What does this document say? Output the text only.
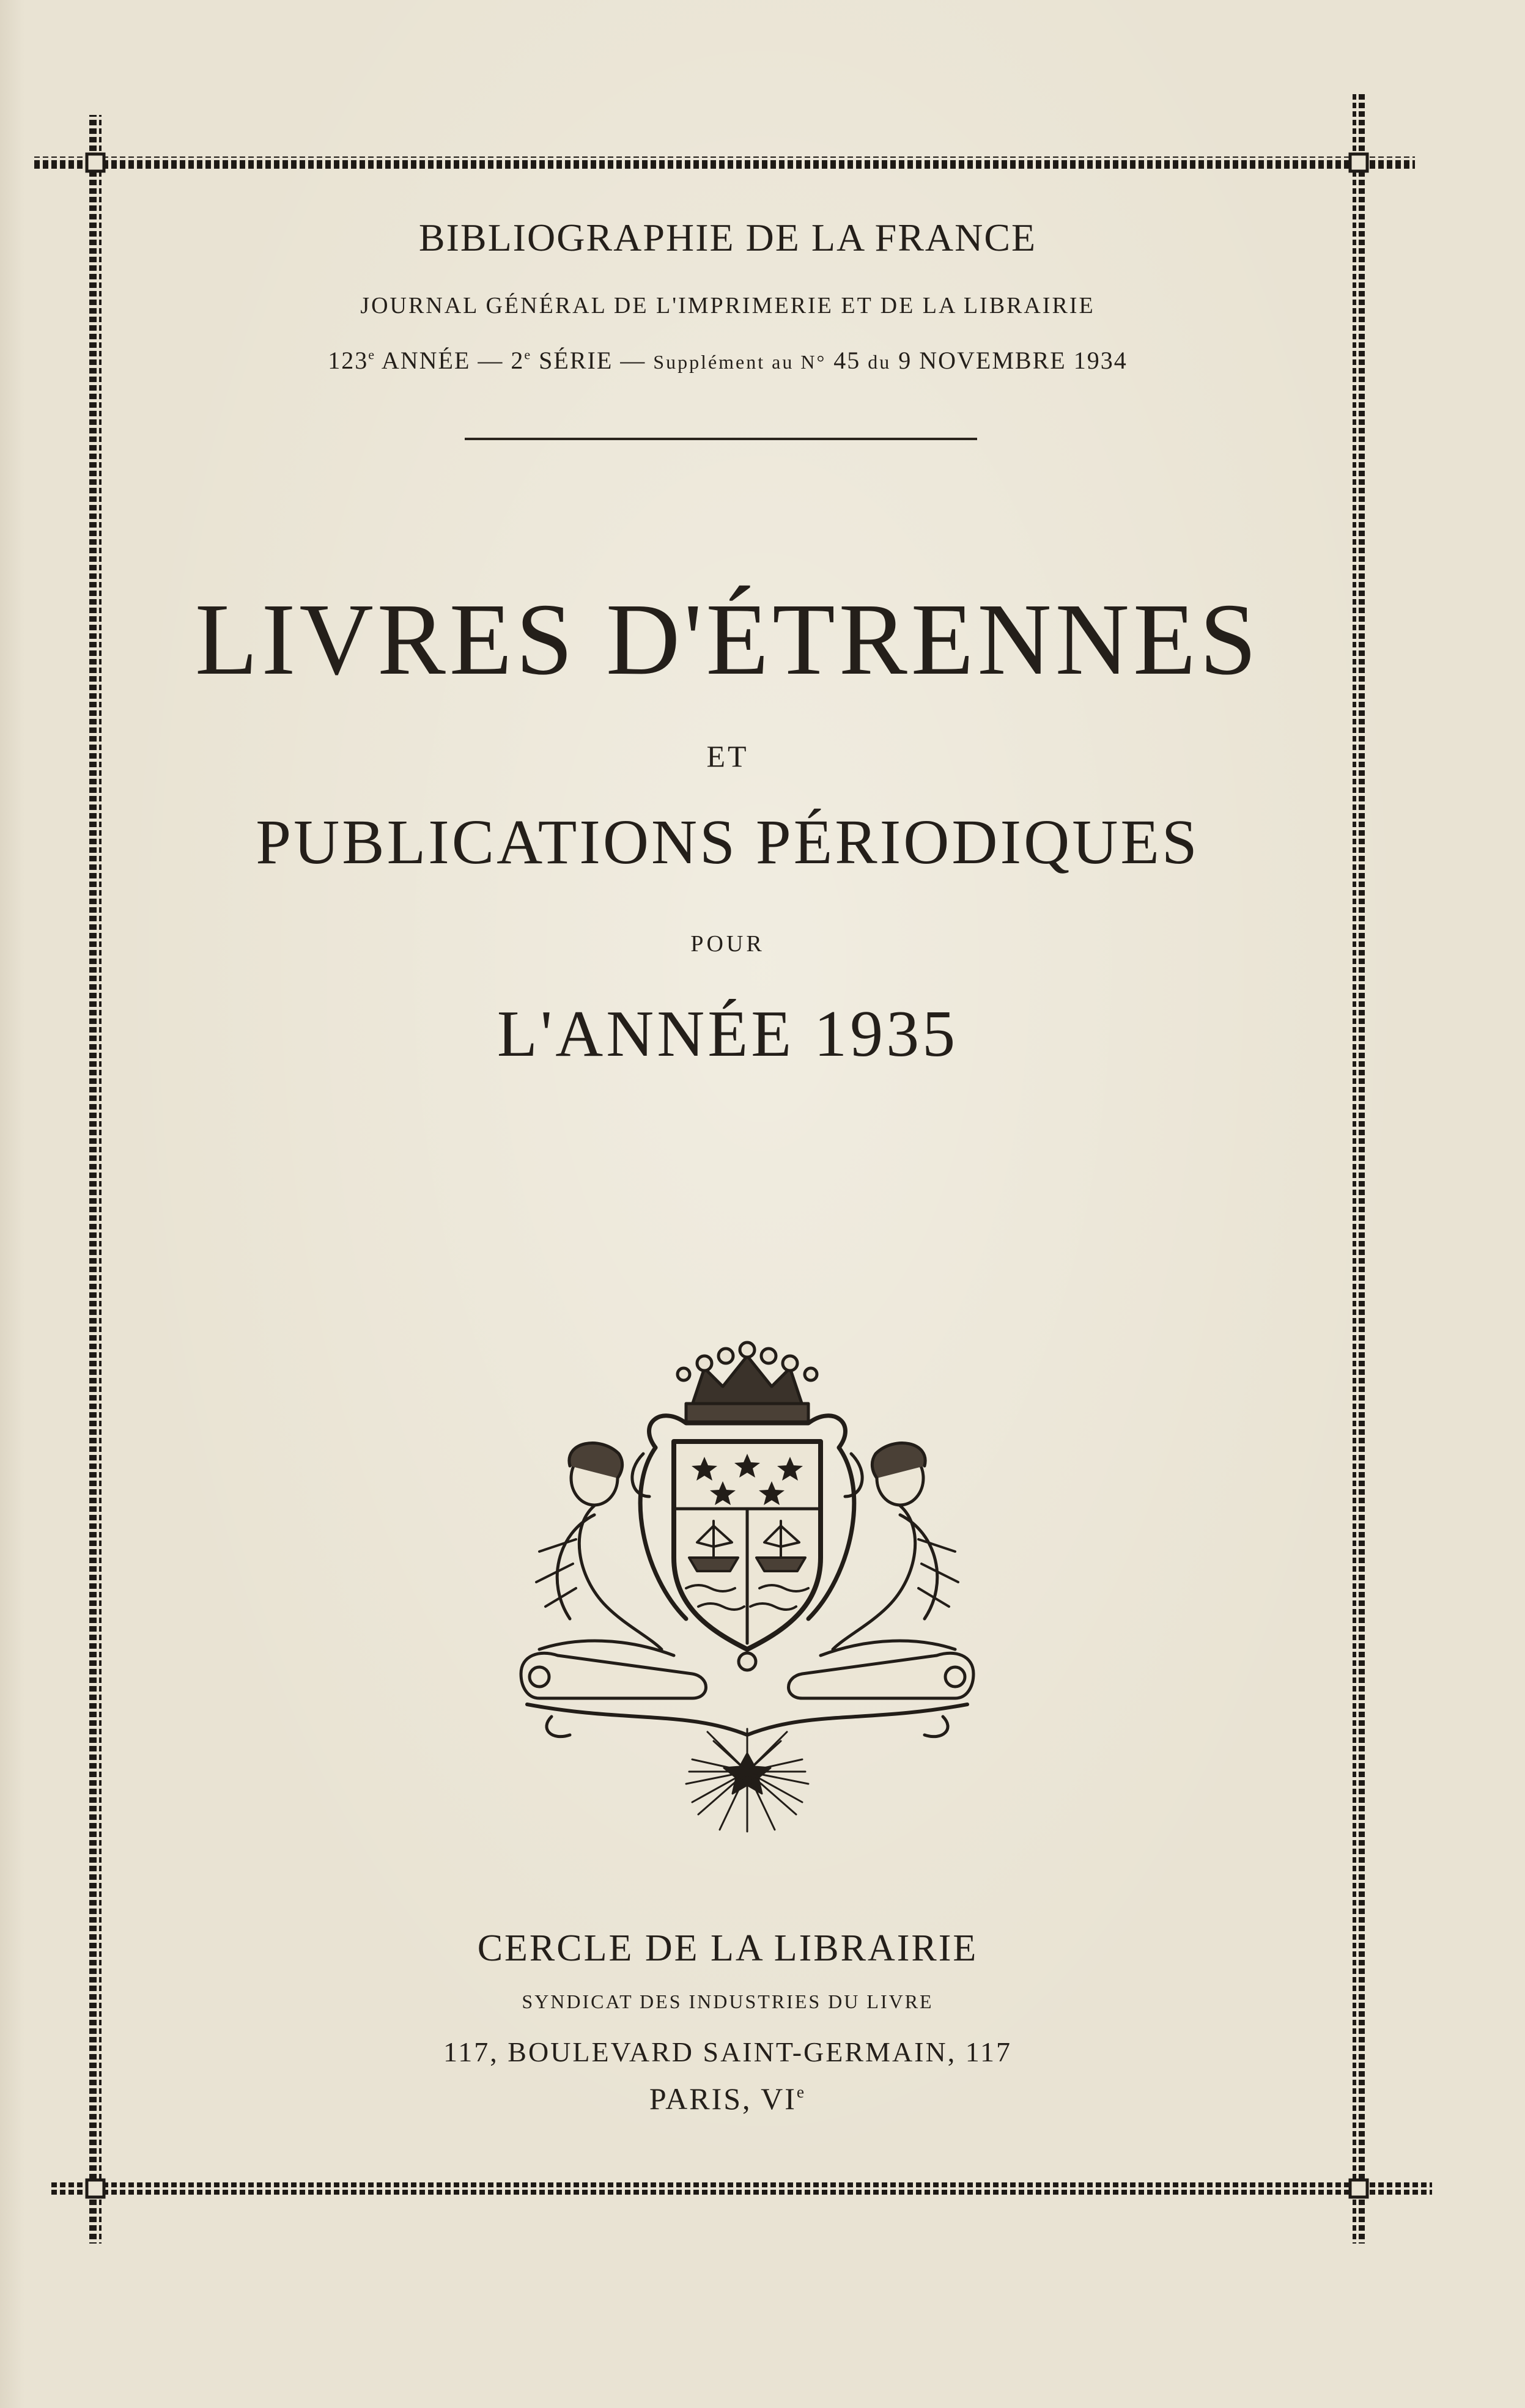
BIBLIOGRAPHIE DE LA FRANCE
JOURNAL GÉNÉRAL DE L'IMPRIMERIE ET DE LA LIBRAIRIE
123e ANNÉE — 2e SÉRIE — Supplément au N° 45 du 9 NOVEMBRE 1934
LIVRES D'ÉTRENNES
ET
PUBLICATIONS PÉRIODIQUES
POUR
L'ANNÉE 1935
CERCLE DE LA LIBRAIRIE
SYNDICAT DES INDUSTRIES DU LIVRE
117, BOULEVARD SAINT-GERMAIN, 117
PARIS, VIe
